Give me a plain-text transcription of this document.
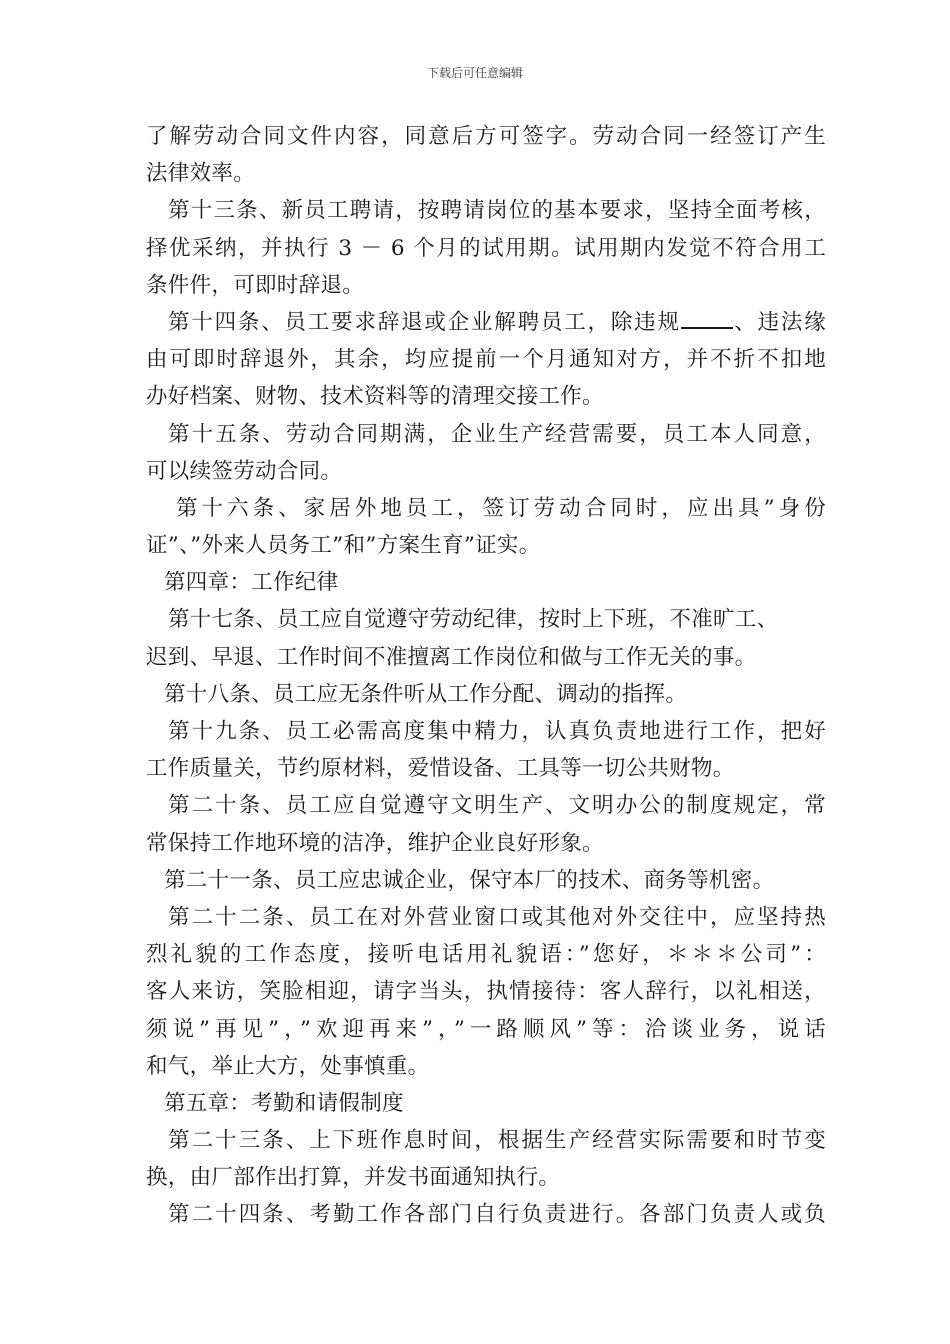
下载后可任意编辑
了解劳动合同文件内容，同意后方可签字。劳动合同一经签订产生
法律效率。
第十三条、新员工聘请，按聘请岗位的基本要求，坚持全面考核，
择优采纳，并执行 3 － 6 个月的试用期。试用期内发觉不符合用工
条件件，可即时辞退。
第十四条、员工要求辞退或企业解聘员工，除违规 、违法缘
由可即时辞退外，其余，均应提前一个月通知对方，并不折不扣地
办好档案、财物、技术资料等的清理交接工作。
第十五条、劳动合同期满，企业生产经营需要，员工本人同意，
可以续签劳动合同。
第十六条、家居外地员工，签订劳动合同时，应出具”身份
证”、”外来人员务工”和”方案生育”证实。
第四章：工作纪律
第十七条、员工应自觉遵守劳动纪律，按时上下班，不准旷工、
迟到、早退、工作时间不准擅离工作岗位和做与工作无关的事。
第十八条、员工应无条件听从工作分配、调动的指挥。
第十九条、员工必需高度集中精力，认真负责地进行工作，把好
工作质量关，节约原材料，爱惜设备、工具等一切公共财物。
第二十条、员工应自觉遵守文明生产、文明办公的制度规定，常
常保持工作地环境的洁净，维护企业良好形象。
第二十一条、员工应忠诚企业，保守本厂的技术、商务等机密。
第二十二条、员工在对外营业窗口或其他对外交往中，应坚持热
烈礼貌的工作态度，接听电话用礼貌语：”您好，＊＊＊公司”：
客人来访，笑脸相迎，请字当头，执情接待：客人辞行，以礼相送，
须说”再见”，”欢迎再来”，”一路顺风”等：洽谈业务，说话
和气，举止大方，处事慎重。
第五章：考勤和请假制度
第二十三条、上下班作息时间，根据生产经营实际需要和时节变
换，由厂部作出打算，并发书面通知执行。
第二十四条、考勤工作各部门自行负责进行。各部门负责人或负
